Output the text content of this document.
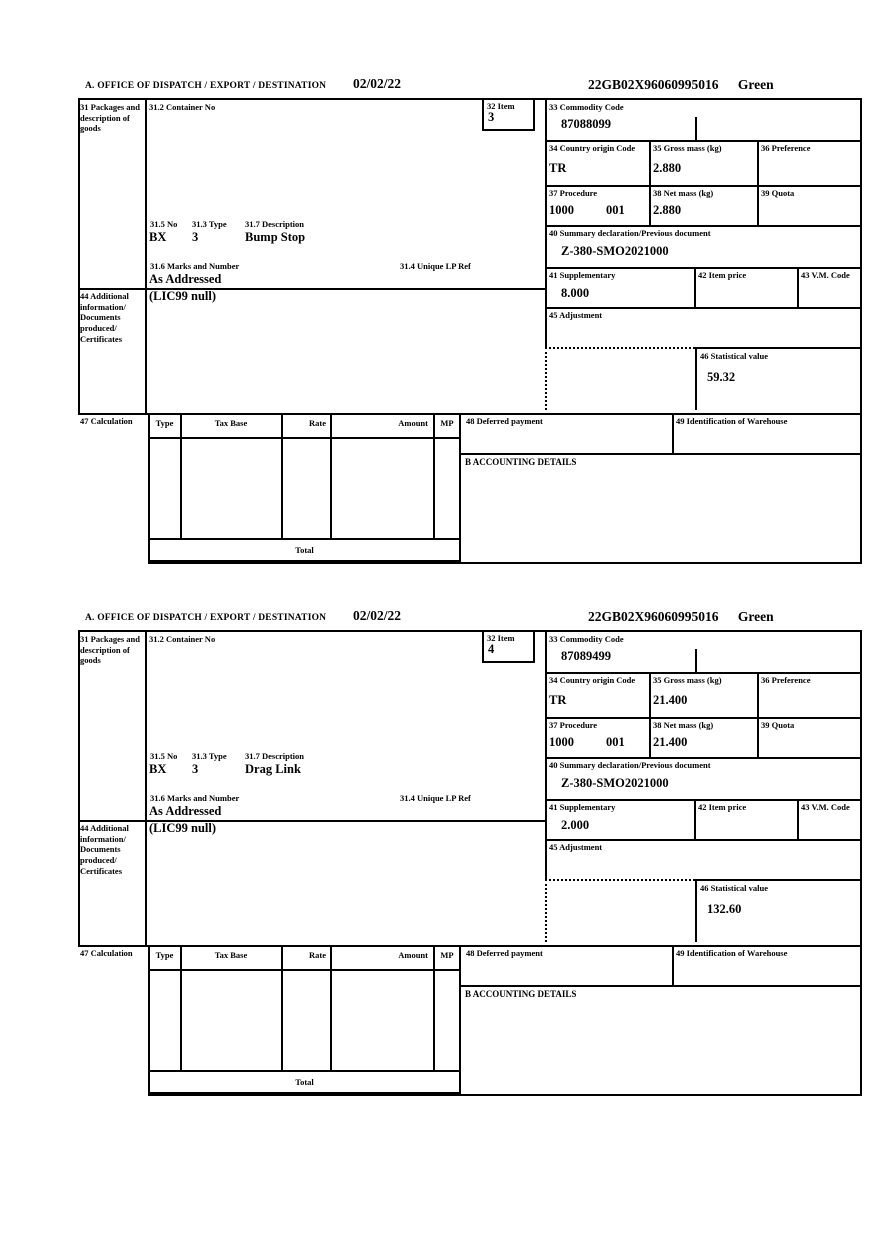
A. OFFICE OF DISPATCH / EXPORT / DESTINATION 02/02/22	22GB02X96060995016 Green
31 Packages and description of goods
31.2 Container No	32 Item
3
33 Commodity Code
87088099
34 Country origin Code
TR
35 Gross mass (kg)
2.880
36 Preference
37 Procedure
1000	001
38 Net mass (kg)
2.880
39 Quota
31.5 No 31.3 Type 31.7 Description
BX 3	Bump Stop
31.6 Marks and Number	31.4 Unique LP Ref
As Addressed
40 Summary declaration/Previous document
Z-380-SMO2021000
41 Supplementary
8.000
42 Item price	43 V.M. Code
44 Additional information/ Documents produced/ Certificates
(LIC99 null)
45 Adjustment
46 Statistical value
59.32
47 Calculation	Type	Tax Base	Rate	Amount	MP
Total
48 Deferred payment	49 Identification of Warehouse
B ACCOUNTING DETAILS
A. OFFICE OF DISPATCH / EXPORT / DESTINATION 02/02/22	22GB02X96060995016 Green
31 Packages and description of goods
31.2 Container No	32 Item
4
33 Commodity Code
87089499
34 Country origin Code
TR
35 Gross mass (kg)
21.400
36 Preference
37 Procedure
1000	001
38 Net mass (kg)
21.400
39 Quota
31.5 No 31.3 Type 31.7 Description
BX 3	Drag Link
31.6 Marks and Number	31.4 Unique LP Ref
As Addressed
40 Summary declaration/Previous document
Z-380-SMO2021000
41 Supplementary
2.000
42 Item price	43 V.M. Code
44 Additional information/ Documents produced/ Certificates
(LIC99 null)
45 Adjustment
46 Statistical value
132.60
47 Calculation	Type	Tax Base	Rate	Amount	MP
Total
48 Deferred payment	49 Identification of Warehouse
B ACCOUNTING DETAILS
